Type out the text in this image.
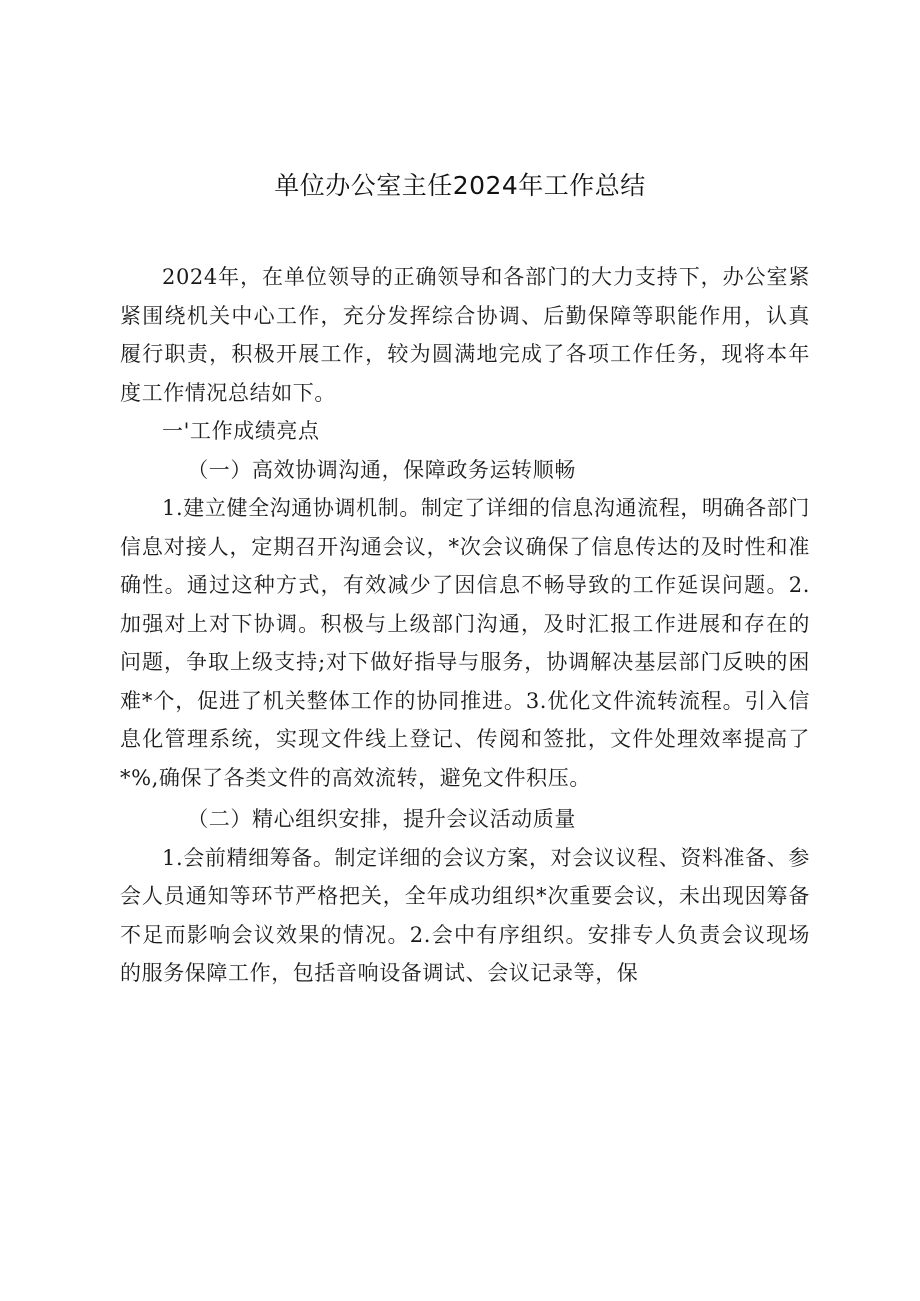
单位办公室主任2024年工作总结

2024年，在单位领导的正确领导和各部门的大力支持下，办公室紧紧围绕机关中心工作，充分发挥综合协调、后勤保障等职能作用，认真履行职责，积极开展工作，较为圆满地完成了各项工作任务，现将本年度工作情况总结如下。

一'工作成绩亮点

（一）高效协调沟通，保障政务运转顺畅

1.建立健全沟通协调机制。制定了详细的信息沟通流程，明确各部门信息对接人，定期召开沟通会议，*次会议确保了信息传达的及时性和准确性。通过这种方式，有效减少了因信息不畅导致的工作延误问题。2.加强对上对下协调。积极与上级部门沟通，及时汇报工作进展和存在的问题，争取上级支持;对下做好指导与服务，协调解决基层部门反映的困难*个，促进了机关整体工作的协同推进。3.优化文件流转流程。引入信息化管理系统，实现文件线上登记、传阅和签批，文件处理效率提高了*%,确保了各类文件的高效流转，避免文件积压。

（二）精心组织安排，提升会议活动质量

1.会前精细筹备。制定详细的会议方案，对会议议程、资料准备、参会人员通知等环节严格把关，全年成功组织*次重要会议，未出现因筹备不足而影响会议效果的情况。2.会中有序组织。安排专人负责会议现场的服务保障工作，包括音响设备调试、会议记录等，保
